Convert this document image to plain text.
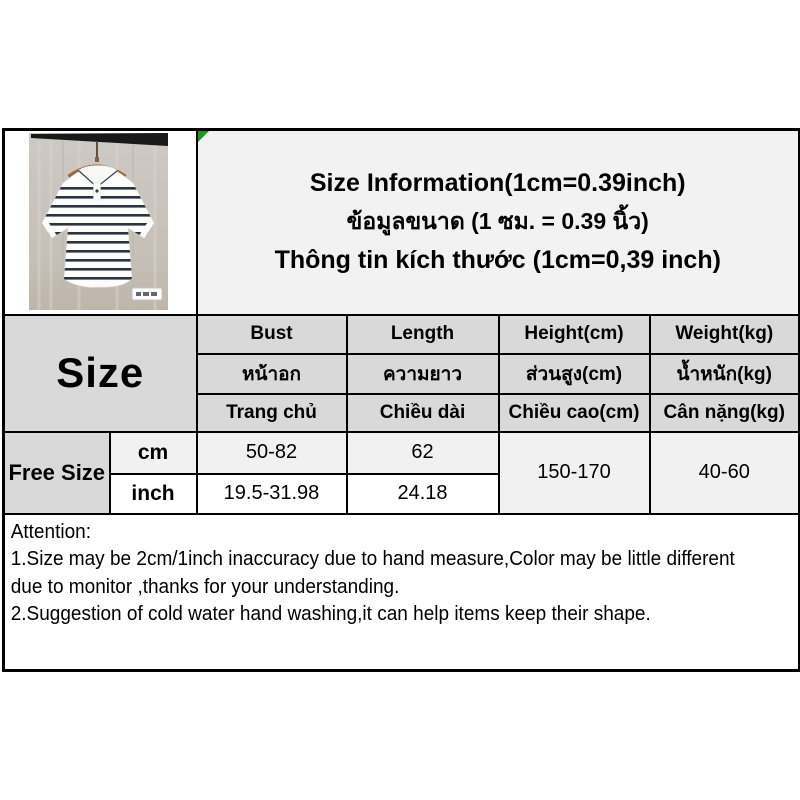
Size Information(1cm=0.39inch)
ข้อมูลขนาด (1 ซม. = 0.39 นิ้ว)
Thông tin kích thước (1cm=0,39 inch)			

Size		Bust	Length	Height(cm)	Weight(kg)
		หน้าอก	ความยาว	ส่วนสูง(cm)	น้ำหนัก(kg)
		Trang chủ	Chiều dài	Chiều cao(cm)	Cân nặng(kg)
Free Size	cm	50-82	62	150-170	40-60
	inch	19.5-31.98	24.18		

Attention:
1.Size may be 2cm/1inch inaccuracy due to hand measure,Color may be little different
due to monitor ,thanks for your understanding.
2.Suggestion of cold water hand washing,it can help items keep their shape.					
